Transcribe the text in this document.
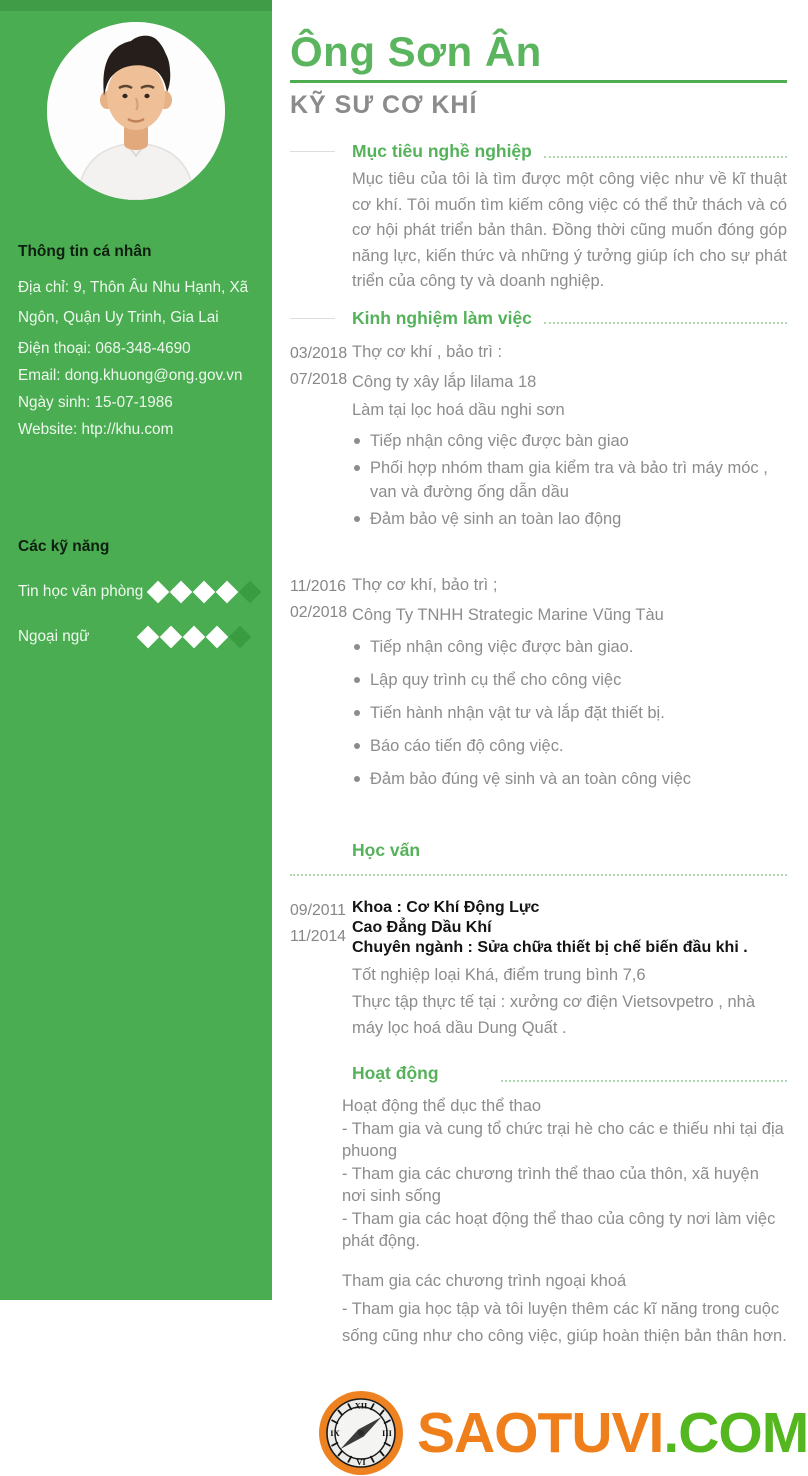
Thông tin cá nhân
Địa chỉ: 9, Thôn Âu Nhu Hạnh, Xã Ngôn, Quận Uy Trinh, Gia Lai
Điện thoại: 068-348-4690
Email: dong.khuong@ong.gov.vn
Ngày sinh: 15-07-1986
Website: htp://khu.com
Các kỹ năng
Tin học văn phòng
Ngoại ngữ
Ông Sơn Ân
KỸ SƯ CƠ KHÍ
Mục tiêu nghề nghiệp

Mục tiêu của tôi là tìm được một công việc như về kĩ thuật cơ khí. Tôi muốn tìm kiếm công việc có thể thử thách và có cơ hội phát triển bản thân. Đồng thời cũng muốn đóng góp năng lực, kiến thức và những ý tưởng giúp ích cho sự phát triển của công ty và doanh nghiệp.

Kinh nghiệm làm việc
03/2018
07/2018
Thợ cơ khí , bảo trì :
Công ty xây lắp lilama 18
Làm tại lọc hoá dầu nghi sơn
Tiếp nhận công việc được bàn giao
Phối hợp nhóm tham gia kiểm tra và bảo trì máy móc , van và đường ống dẫn dầu
Đảm bảo vệ sinh an toàn lao động
11/2016
02/2018
Thợ cơ khí, bảo trì ;
Công Ty TNHH Strategic Marine Vũng Tàu
Tiếp nhận công việc được bàn giao.
Lập quy trình cụ thể cho công việc
Tiến hành nhận vật tư và lắp đặt thiết bị.
Báo cáo tiến độ công việc.
Đảm bảo đúng vệ sinh và an toàn công việc
Học vấn
09/2011
11/2014
Khoa : Cơ Khí Động Lực
Cao Đẳng Dầu Khí
Chuyên ngành : Sửa chữa thiết bị chế biến đầu khi .
Tốt nghiệp loại Khá, điểm trung bình 7,6
Thực tập thực tế tại : xưởng cơ điện Vietsovpetro , nhà máy lọc hoá dầu Dung Quất .
Hoạt động
Hoạt động thể dục thể thao
- Tham gia và cung tổ chức trại hè cho các e thiếu nhi tại địa phuong
- Tham gia các chương trình thể thao của thôn, xã huyện nơi sinh sống
- Tham gia các hoạt động thể thao của công ty nơi làm việc phát động.
Tham gia các chương trình ngoại khoá
- Tham gia học tập và tôi luyện thêm các kĩ năng trong cuộc sống cũng như cho công việc, giúp hoàn thiện bản thân hơn.
XII
III
VI
IX SAOTUVI.COM
